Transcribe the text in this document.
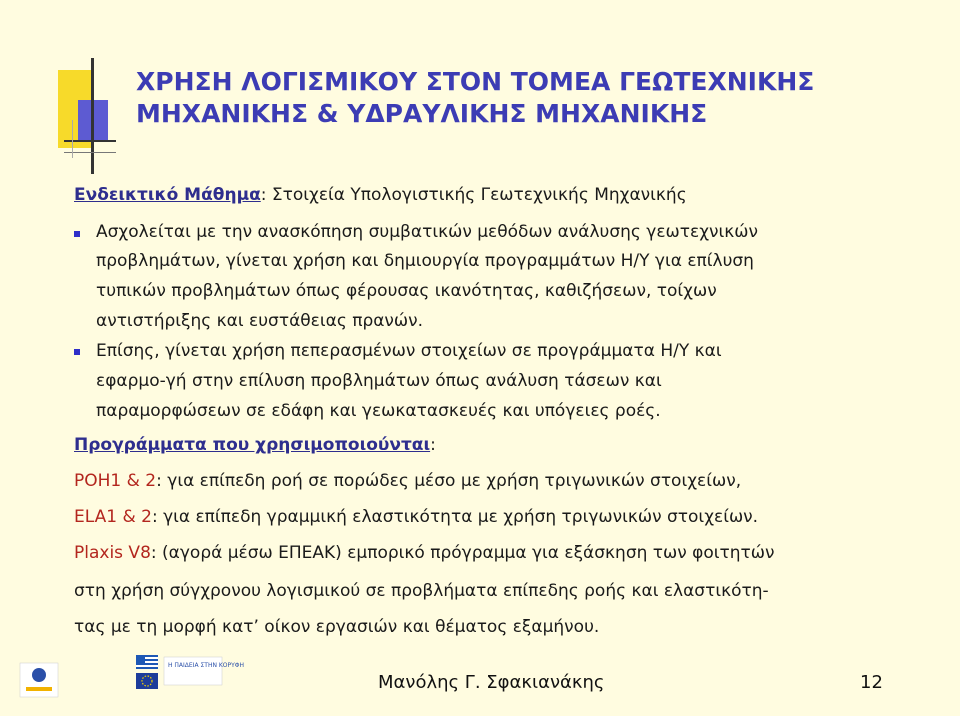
ΧΡΗΣΗ ΛΟΓΙΣΜΙΚΟΥ ΣΤΟΝ ΤΟΜΕΑ ΓΕΩΤΕΧΝΙΚΗΣ
ΜΗΧΑΝΙΚΗΣ & ΥΔΡΑΥΛΙΚΗΣ ΜΗΧΑΝΙΚΗΣ
Ενδεικτικό Μάθημα: Στοιχεία Υπολογιστικής Γεωτεχνικής Μηχανικής
Ασχολείται με την ανασκόπηση συμβατικών μεθόδων ανάλυσης γεωτεχνικών
προβλημάτων, γίνεται χρήση και δημιουργία προγραμμάτων Η/Υ για επίλυση
τυπικών προβλημάτων όπως φέρουσας ικανότητας, καθιζήσεων, τοίχων
αντιστήριξης και ευστάθειας πρανών.
Επίσης, γίνεται χρήση πεπερασμένων στοιχείων σε προγράμματα Η/Υ και
εφαρμο-γή στην επίλυση προβλημάτων όπως ανάλυση τάσεων και
παραμορφώσεων σε εδάφη και γεωκατασκευές και υπόγειες ροές.
Προγράμματα που χρησιμοποιούνται:
ΡΟΗ1 & 2: για επίπεδη ροή σε πορώδες μέσο με χρήση τριγωνικών στοιχείων,
ELA1 & 2: για επίπεδη γραμμική ελαστικότητα με χρήση τριγωνικών στοιχείων.
Plaxis V8: (αγορά μέσω ΕΠΕΑΚ) εμπορικό πρόγραμμα για εξάσκηση των φοιτητών
στη χρήση σύγχρονου λογισμικού σε προβλήματα επίπεδης ροής και ελαστικότη-
τας με τη μορφή κατ’ οίκον εργασιών και θέματος εξαμήνου.
Η ΠΑΙΔΕΙΑ ΣΤΗΝ ΚΟΡΥΦΗ
Μανόλης Γ. Σφακιανάκης	12
